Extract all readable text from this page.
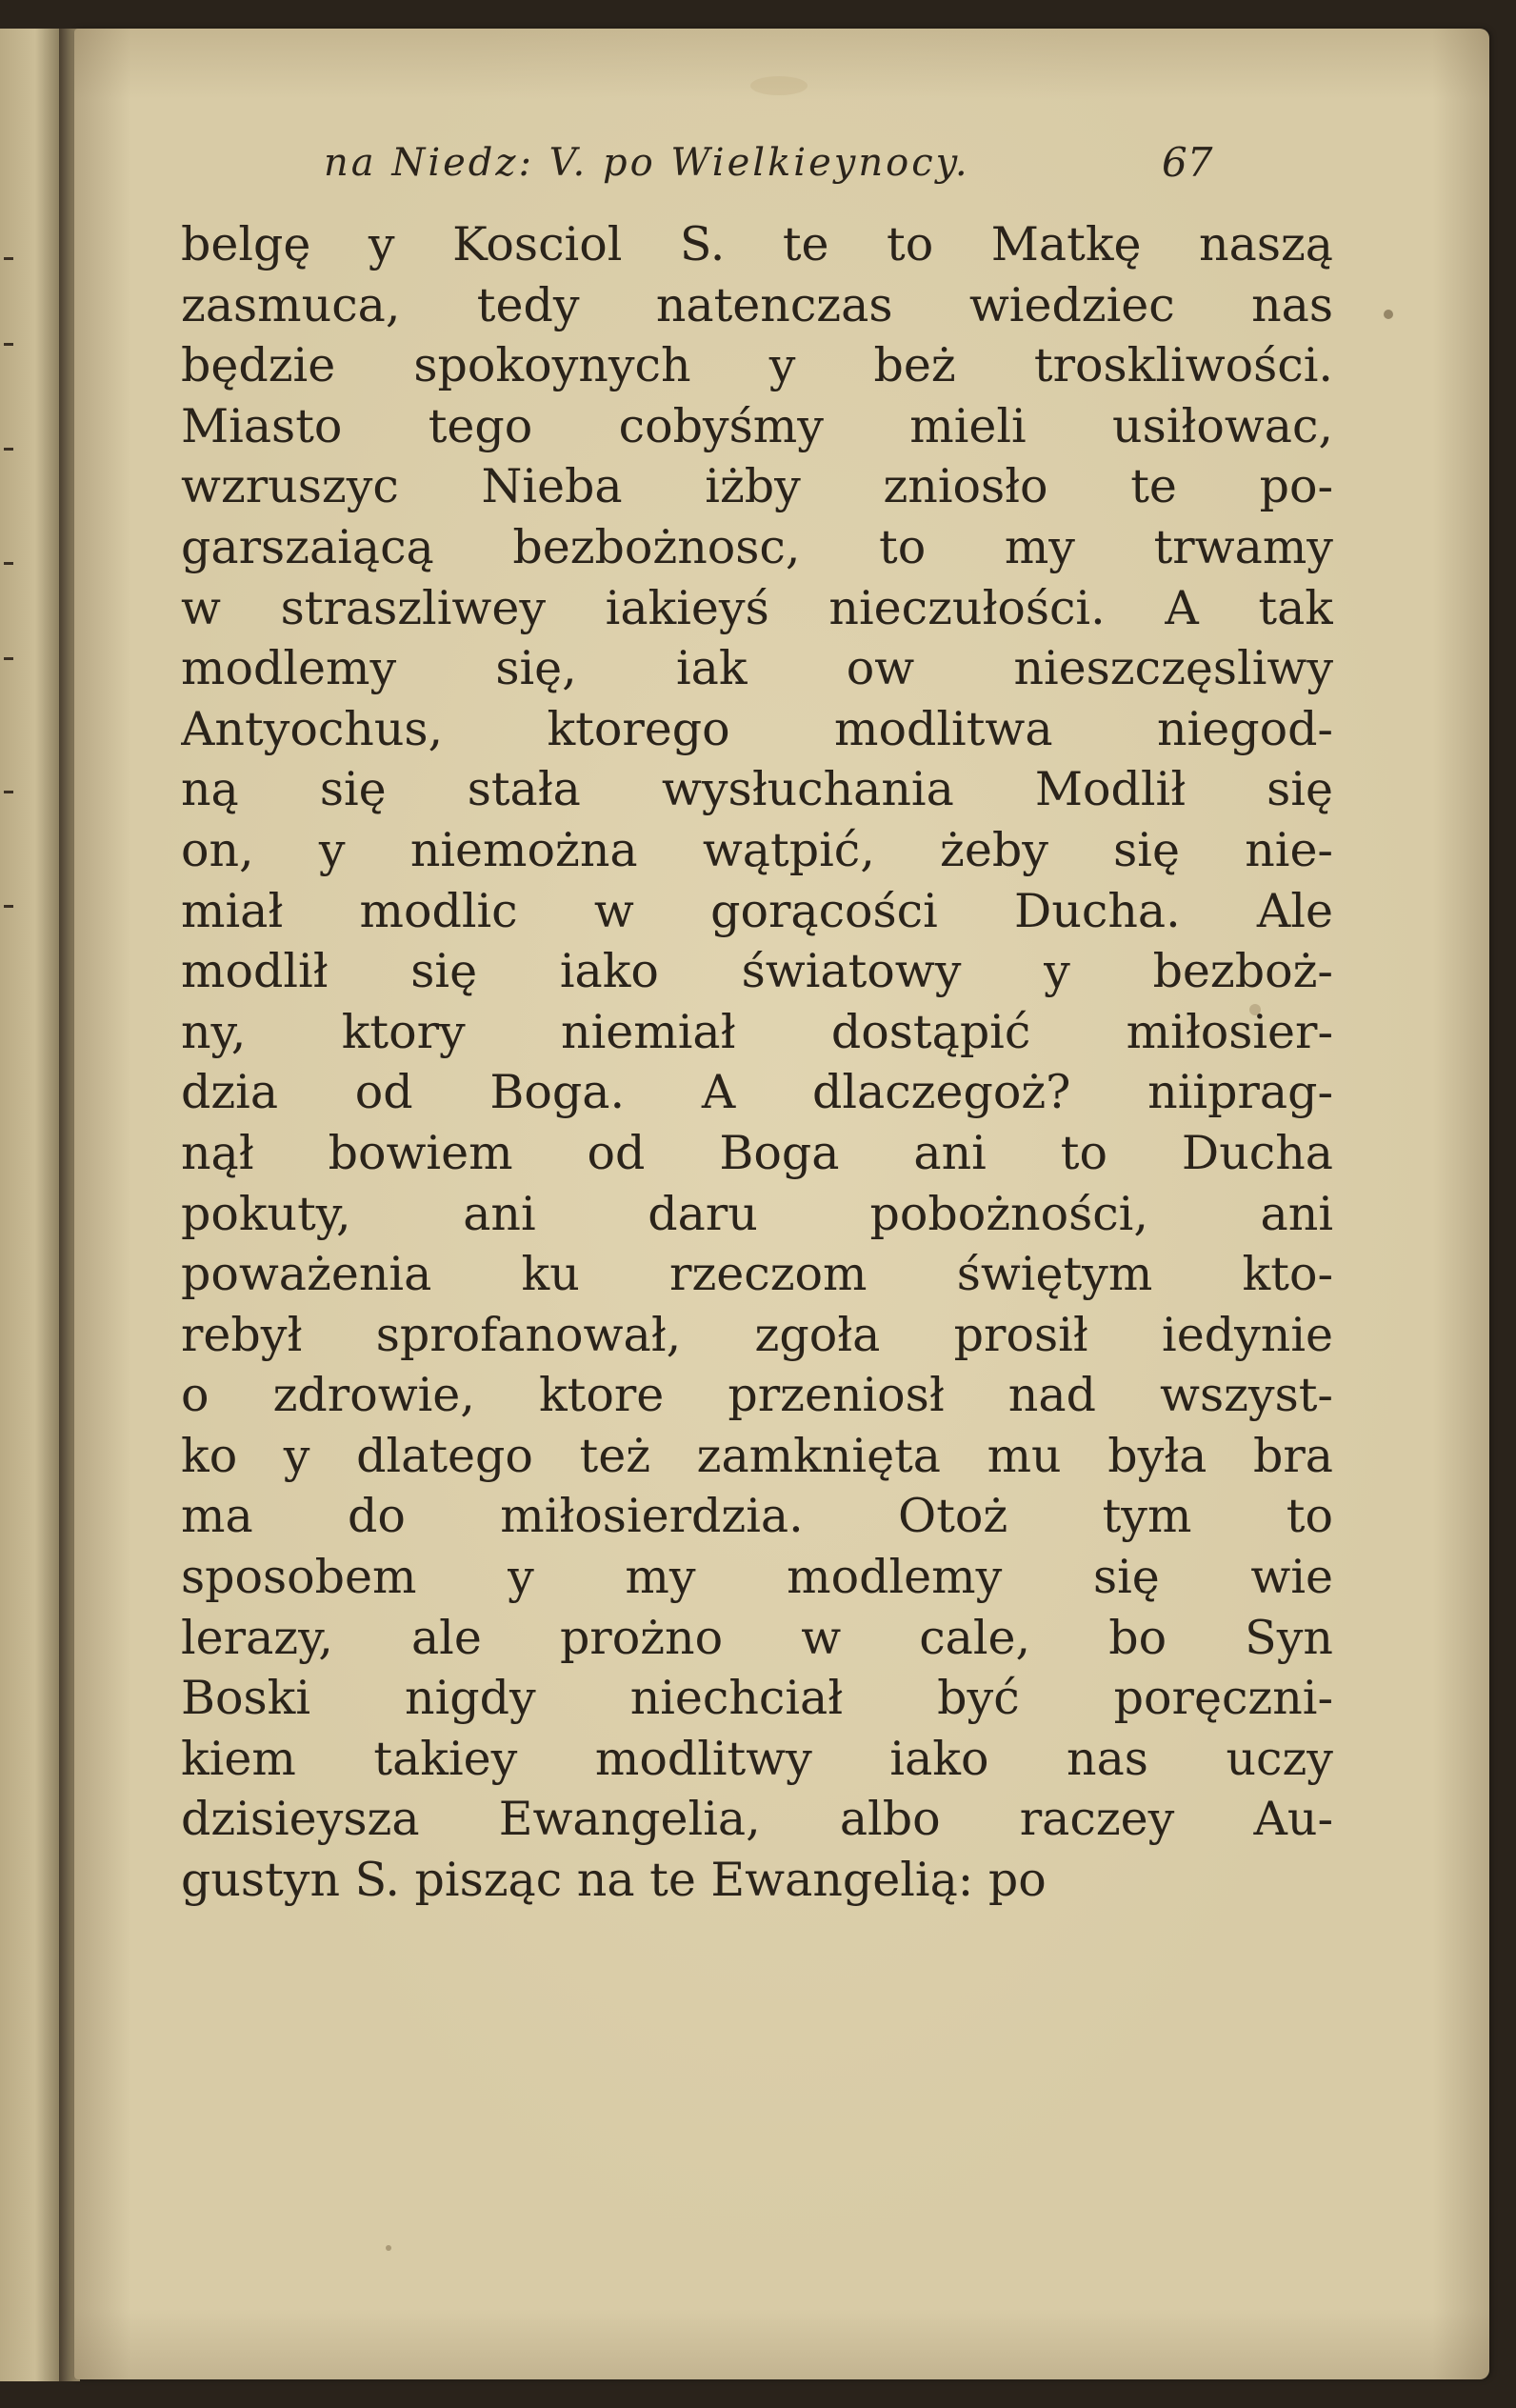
na Niedz: V. po Wielkieynocy.	67
belgę y Kosciol S. te to Matkę naszą
zasmuca, tedy natenczas wiedziec nas
będzie spokoynych y beż troskliwości.
Miasto tego cobyśmy mieli usiłowac,
wzruszyc Nieba iżby zniosło te po-
garszaiącą bezbożnosc, to my trwamy
w straszliwey iakieyś nieczułości. A tak
modlemy się, iak ow nieszczęsliwy
Antyochus, ktorego modlitwa niegod-
ną się stała wysłuchania Modlił się
on, y niemożna wątpić, żeby się nie-
miał modlic w gorącości Ducha. Ale
modlił się iako światowy y bezboż-
ny, ktory niemiał dostąpić miłosier-
dzia od Boga. A dlaczegoż? niiprag-
nął bowiem od Boga ani to Ducha
pokuty, ani daru pobożności, ani
poważenia ku rzeczom świętym kto-
rebył sprofanował, zgoła prosił iedynie
o zdrowie, ktore przeniosł nad wszyst-
ko y dlatego też zamknięta mu była bra
ma do miłosierdzia. Otoż tym to
sposobem y my modlemy się wie
lerazy, ale prożno w cale, bo Syn
Boski nigdy niechciał być poręczni-
kiem takiey modlitwy iako nas uczy
dzisieysza Ewangelia, albo raczey Au-
gustyn S. pisząc na te Ewangelią: po
